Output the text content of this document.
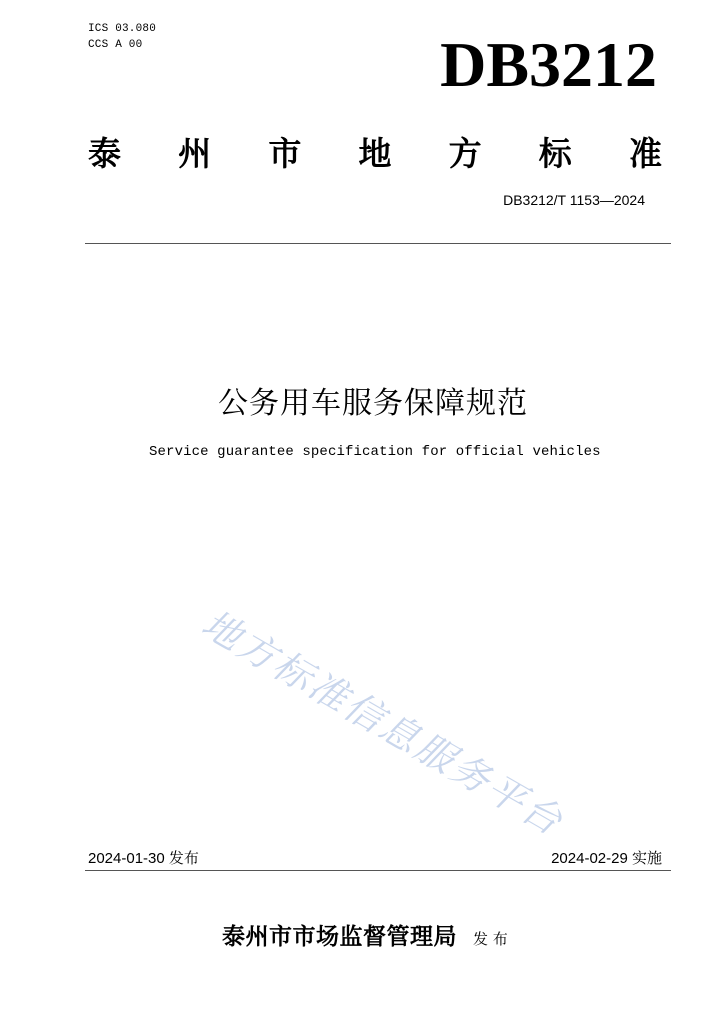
ICS 03.080
CCS A 00	DB3212
泰 州 市 地 方 标 准
DB3212/T 1153—2024
公务用车服务保障规范
Service guarantee specification for official vehicles
地方标准信息服务平台
2024-01-30 发布	2024-02-29 实施
泰州市市场监督管理局 发 布
